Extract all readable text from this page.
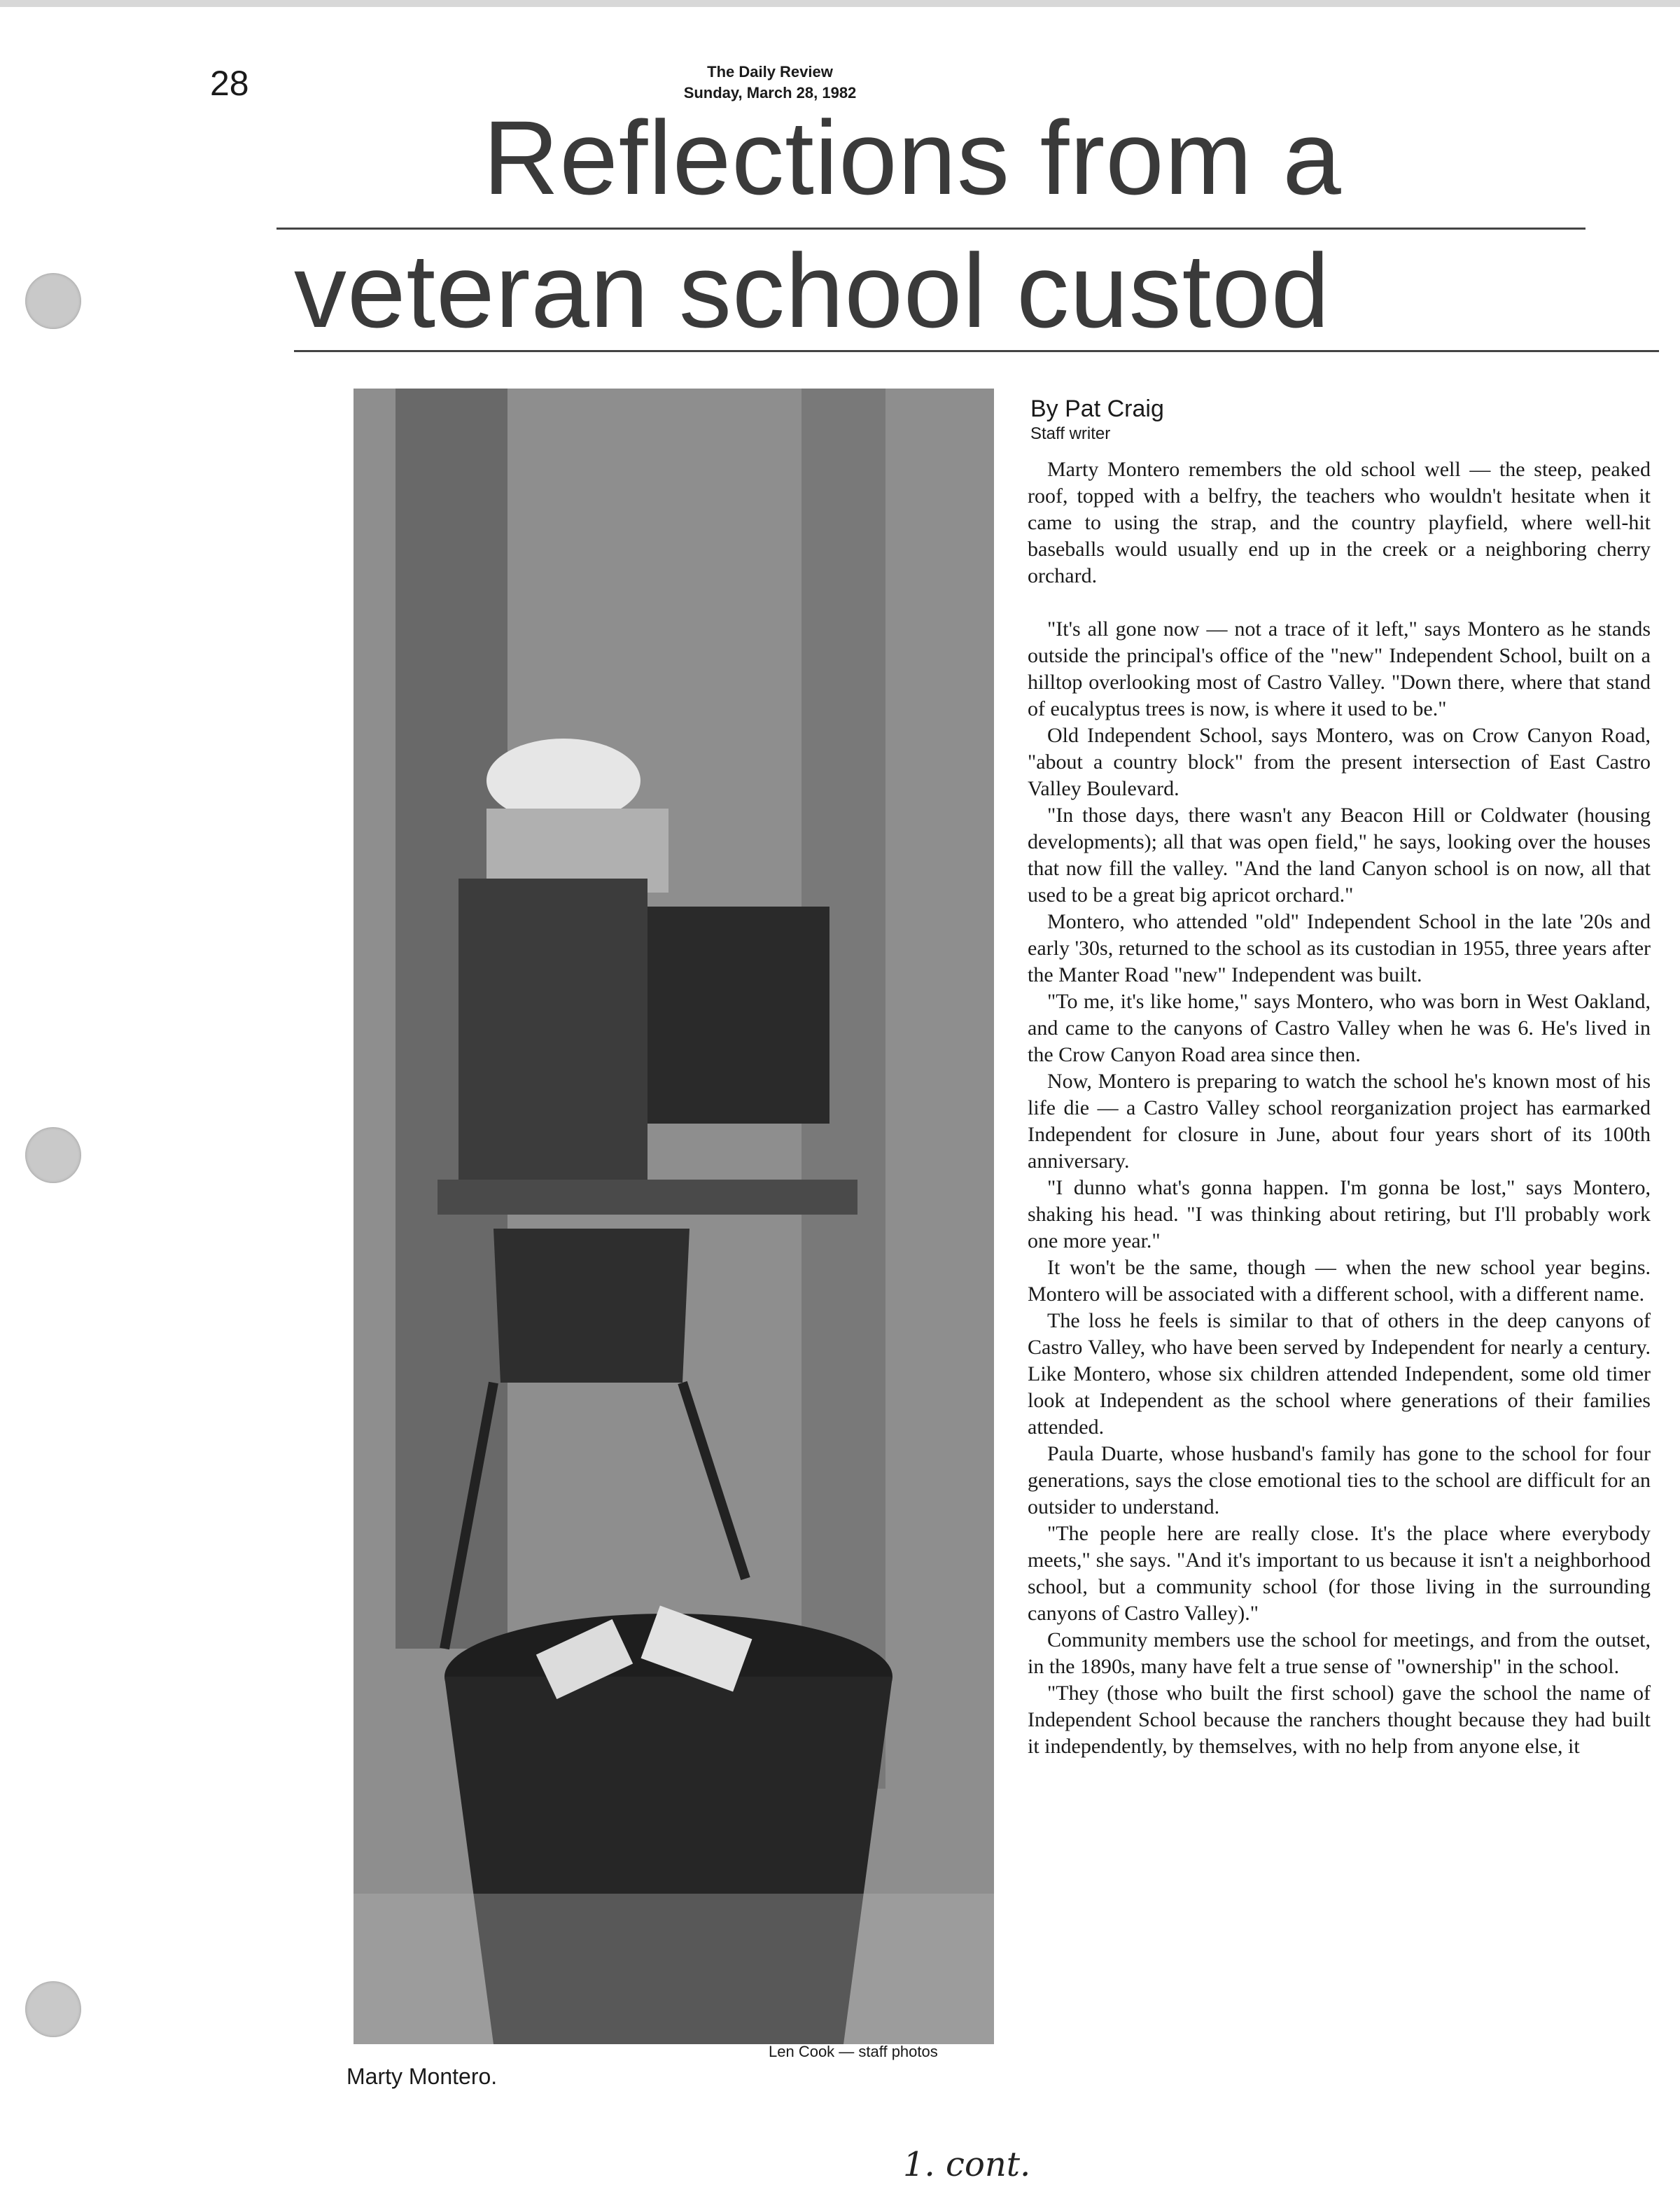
28	The Daily Review
Sunday, March 28, 1982
Reflections from a
veteran school custod
Marty Montero.
Len Cook — staff photos
By Pat Craig
Staff writer

Marty Montero remembers the old school well — the steep, peaked roof, topped with a belfry, the teachers who wouldn't hesitate when it came to using the strap, and the country playfield, where well-hit baseballs would usually end up in the creek or a neighboring cherry orchard.

"It's all gone now — not a trace of it left," says Montero as he stands outside the principal's office of the "new" Independent School, built on a hilltop overlooking most of Castro Valley. "Down there, where that stand of eucalyptus trees is now, is where it used to be."

Old Independent School, says Montero, was on Crow Canyon Road, "about a country block" from the present intersection of East Castro Valley Boulevard.

"In those days, there wasn't any Beacon Hill or Coldwater (housing developments); all that was open field," he says, looking over the houses that now fill the valley. "And the land Canyon school is on now, all that used to be a great big apricot orchard."

Montero, who attended "old" Independent School in the late '20s and early '30s, returned to the school as its custodian in 1955, three years after the Manter Road "new" Independent was built.

"To me, it's like home," says Montero, who was born in West Oakland, and came to the canyons of Castro Valley when he was 6. He's lived in the Crow Canyon Road area since then.

Now, Montero is preparing to watch the school he's known most of his life die — a Castro Valley school reorganization project has earmarked Independent for closure in June, about four years short of its 100th anniversary.

"I dunno what's gonna happen. I'm gonna be lost," says Montero, shaking his head. "I was thinking about retiring, but I'll probably work one more year."

It won't be the same, though — when the new school year begins. Montero will be associated with a different school, with a different name.

The loss he feels is similar to that of others in the deep canyons of Castro Valley, who have been served by Independent for nearly a century. Like Montero, whose six children attended Independent, some old timer look at Independent as the school where generations of their families attended.

Paula Duarte, whose husband's family has gone to the school for four generations, says the close emotional ties to the school are difficult for an outsider to understand.

"The people here are really close. It's the place where everybody meets," she says. "And it's important to us because it isn't a neighborhood school, but a community school (for those living in the surrounding canyons of Castro Valley)."

Community members use the school for meetings, and from the outset, in the 1890s, many have felt a true sense of "ownership" in the school.

"They (those who built the first school) gave the school the name of Independent School because the ranchers thought because they had built it independently, by themselves, with no help from anyone else, it

1. cont.
